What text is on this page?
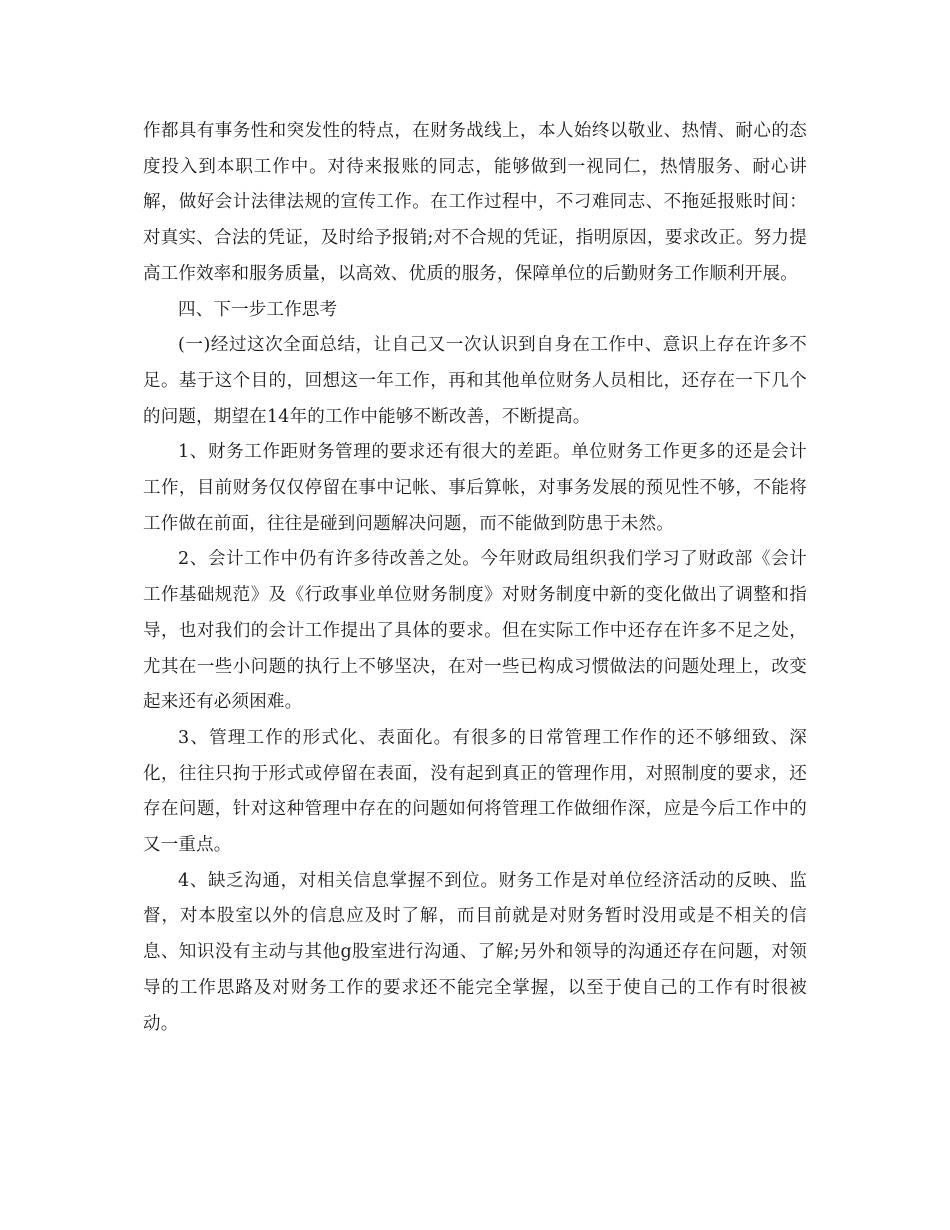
作都具有事务性和突发性的特点，在财务战线上，本人始终以敬业、热情、耐心的态度投入到本职工作中。对待来报账的同志，能够做到一视同仁，热情服务、耐心讲解，做好会计法律法规的宣传工作。在工作过程中，不刁难同志、不拖延报账时间：对真实、合法的凭证，及时给予报销;对不合规的凭证，指明原因，要求改正。努力提高工作效率和服务质量，以高效、优质的服务，保障单位的后勤财务工作顺利开展。

四、下一步工作思考

(一)经过这次全面总结，让自己又一次认识到自身在工作中、意识上存在许多不足。基于这个目的，回想这一年工作，再和其他单位财务人员相比，还存在一下几个的问题，期望在14年的工作中能够不断改善，不断提高。

1、财务工作距财务管理的要求还有很大的差距。单位财务工作更多的还是会计工作，目前财务仅仅停留在事中记帐、事后算帐，对事务发展的预见性不够，不能将工作做在前面，往往是碰到问题解决问题，而不能做到防患于未然。

2、会计工作中仍有许多待改善之处。今年财政局组织我们学习了财政部《会计工作基础规范》及《行政事业单位财务制度》对财务制度中新的变化做出了调整和指导，也对我们的会计工作提出了具体的要求。但在实际工作中还存在许多不足之处，尤其在一些小问题的执行上不够坚决，在对一些已构成习惯做法的问题处理上，改变起来还有必须困难。

3、管理工作的形式化、表面化。有很多的日常管理工作作的还不够细致、深化，往往只拘于形式或停留在表面，没有起到真正的管理作用，对照制度的要求，还存在问题，针对这种管理中存在的问题如何将管理工作做细作深，应是今后工作中的又一重点。

4、缺乏沟通，对相关信息掌握不到位。财务工作是对单位经济活动的反映、监督，对本股室以外的信息应及时了解，而目前就是对财务暂时没用或是不相关的信息、知识没有主动与其他g股室进行沟通、了解;另外和领导的沟通还存在问题，对领导的工作思路及对财务工作的要求还不能完全掌握，以至于使自己的工作有时很被动。
